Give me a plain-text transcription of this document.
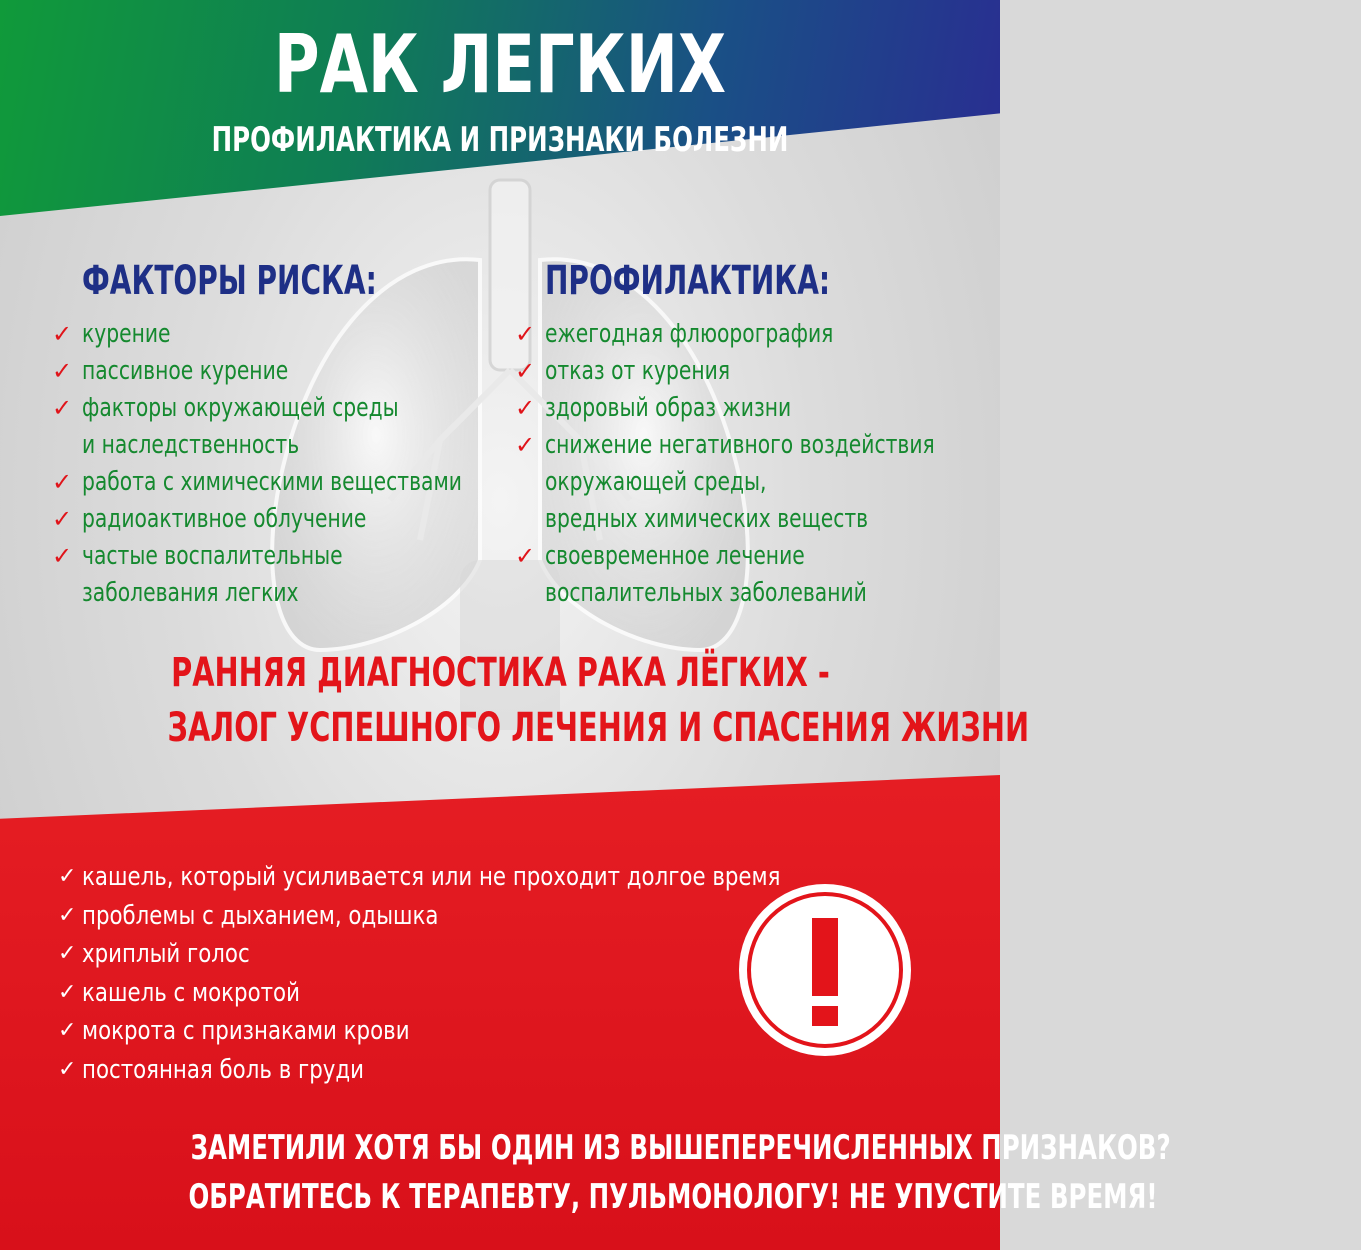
РАК ЛЕГКИХ
ПРОФИЛАКТИКА И ПРИЗНАКИ БОЛЕЗНИ
ФАКТОРЫ РИСКА:
✓ курение
✓ пассивное курение
✓ факторы окружающей среды
и наследственность
✓ работа с химическими веществами
✓ радиоактивное облучение
✓ частые воспалительные
заболевания легких
ПРОФИЛАКТИКА:
✓ ежегодная флюорография
✓ отказ от курения
✓ здоровый образ жизни
✓ снижение негативного воздействия
окружающей среды,
вредных химических веществ
✓ своевременное лечение
воспалительных заболеваний
РАННЯЯ ДИАГНОСТИКА РАКА ЛЁГКИХ -
ЗАЛОГ УСПЕШНОГО ЛЕЧЕНИЯ И СПАСЕНИЯ ЖИЗНИ
✓ кашель, который усиливается или не проходит долгое время
✓ проблемы с дыханием, одышка
✓ хриплый голос
✓ кашель с мокротой
✓ мокрота с признаками крови
✓ постоянная боль в груди
ЗАМЕТИЛИ ХОТЯ БЫ ОДИН ИЗ ВЫШЕПЕРЕЧИСЛЕННЫХ ПРИЗНАКОВ?
ОБРАТИТЕСЬ К ТЕРАПЕВТУ, ПУЛЬМОНОЛОГУ! НЕ УПУСТИТЕ ВРЕМЯ!
